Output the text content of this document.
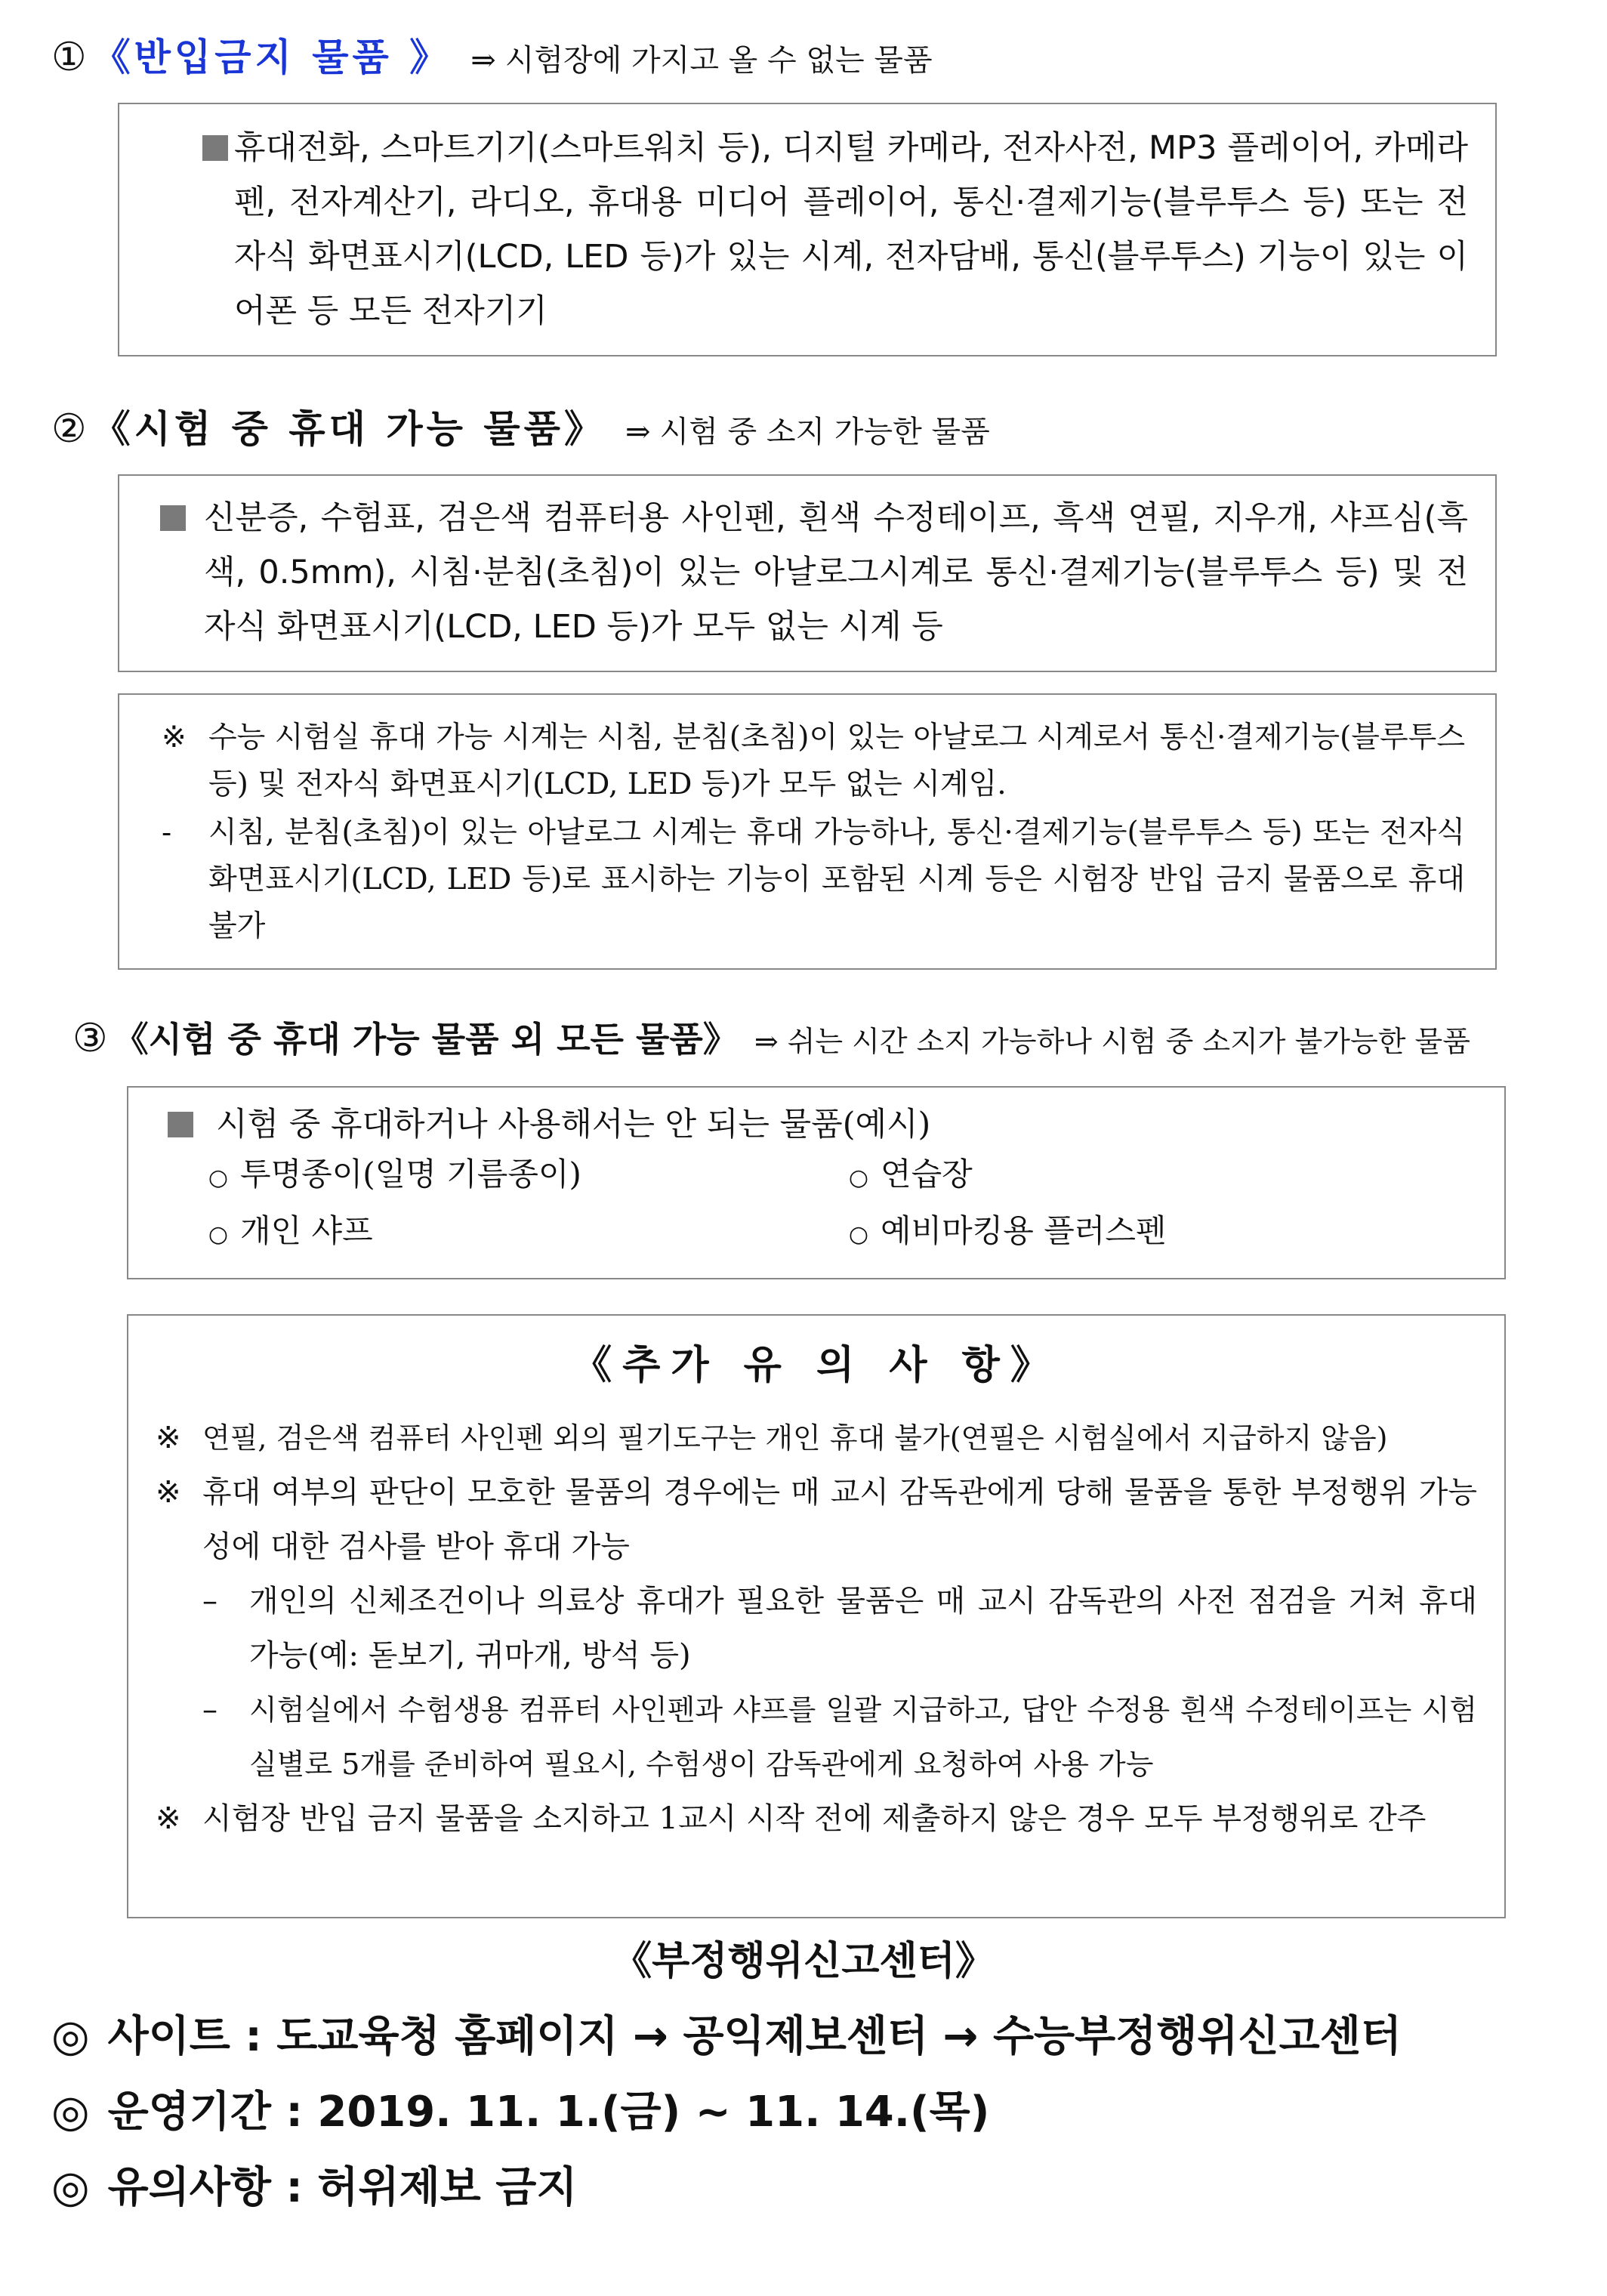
① 《반입금지 물품 》 ⇒ 시험장에 가지고 올 수 없는 물품
휴대전화, 스마트기기(스마트워치 등), 디지털 카메라, 전자사전, MP3 플레이어, 카메라 펜, 전자계산기, 라디오, 휴대용 미디어 플레이어, 통신·결제기능(블루투스 등) 또는 전자식 화면표시기(LCD, LED 등)가 있는 시계, 전자담배, 통신(블루투스) 기능이 있는 이어폰 등 모든 전자기기
② 《시험 중 휴대 가능 물품》 ⇒ 시험 중 소지 가능한 물품
신분증, 수험표, 검은색 컴퓨터용 사인펜, 흰색 수정테이프, 흑색 연필, 지우개, 샤프심(흑색, 0.5mm), 시침·분침(초침)이 있는 아날로그시계로 통신·결제기능(블루투스 등) 및 전자식 화면표시기(LCD, LED 등)가 모두 없는 시계 등

※ 수능 시험실 휴대 가능 시계는 시침, 분침(초침)이 있는 아날로그 시계로서 통신·결제기능(블루투스 등) 및 전자식 화면표시기(LCD, LED 등)가 모두 없는 시계임.

- 시침, 분침(초침)이 있는 아날로그 시계는 휴대 가능하나, 통신·결제기능(블루투스 등) 또는 전자식 화면표시기(LCD, LED 등)로 표시하는 기능이 포함된 시계 등은 시험장 반입 금지 물품으로 휴대 불가

③ 《시험 중 휴대 가능 물품 외 모든 물품》 ⇒ 쉬는 시간 소지 가능하나 시험 중 소지가 불가능한 물품
시험 중 휴대하거나 사용해서는 안 되는 물품(예시)
○ 투명종이(일명 기름종이)
○ 개인 샤프
○ 연습장
○ 예비마킹용 플러스펜
《추가 유 의 사 항》

※ 연필, 검은색 컴퓨터 사인펜 외의 필기도구는 개인 휴대 불가(연필은 시험실에서 지급하지 않음)

※ 휴대 여부의 판단이 모호한 물품의 경우에는 매 교시 감독관에게 당해 물품을 통한 부정행위 가능성에 대한 검사를 받아 휴대 가능

– 개인의 신체조건이나 의료상 휴대가 필요한 물품은 매 교시 감독관의 사전 점검을 거쳐 휴대 가능(예: 돋보기, 귀마개, 방석 등)

– 시험실에서 수험생용 컴퓨터 사인펜과 샤프를 일괄 지급하고, 답안 수정용 흰색 수정테이프는 시험실별로 5개를 준비하여 필요시, 수험생이 감독관에게 요청하여 사용 가능

※ 시험장 반입 금지 물품을 소지하고 1교시 시작 전에 제출하지 않은 경우 모두 부정행위로 간주

《부정행위신고센터》
◎ 사이트 : 도교육청 홈페이지 → 공익제보센터 → 수능부정행위신고센터
◎ 운영기간 : 2019. 11. 1.(금) ~ 11. 14.(목)
◎ 유의사항 : 허위제보 금지
